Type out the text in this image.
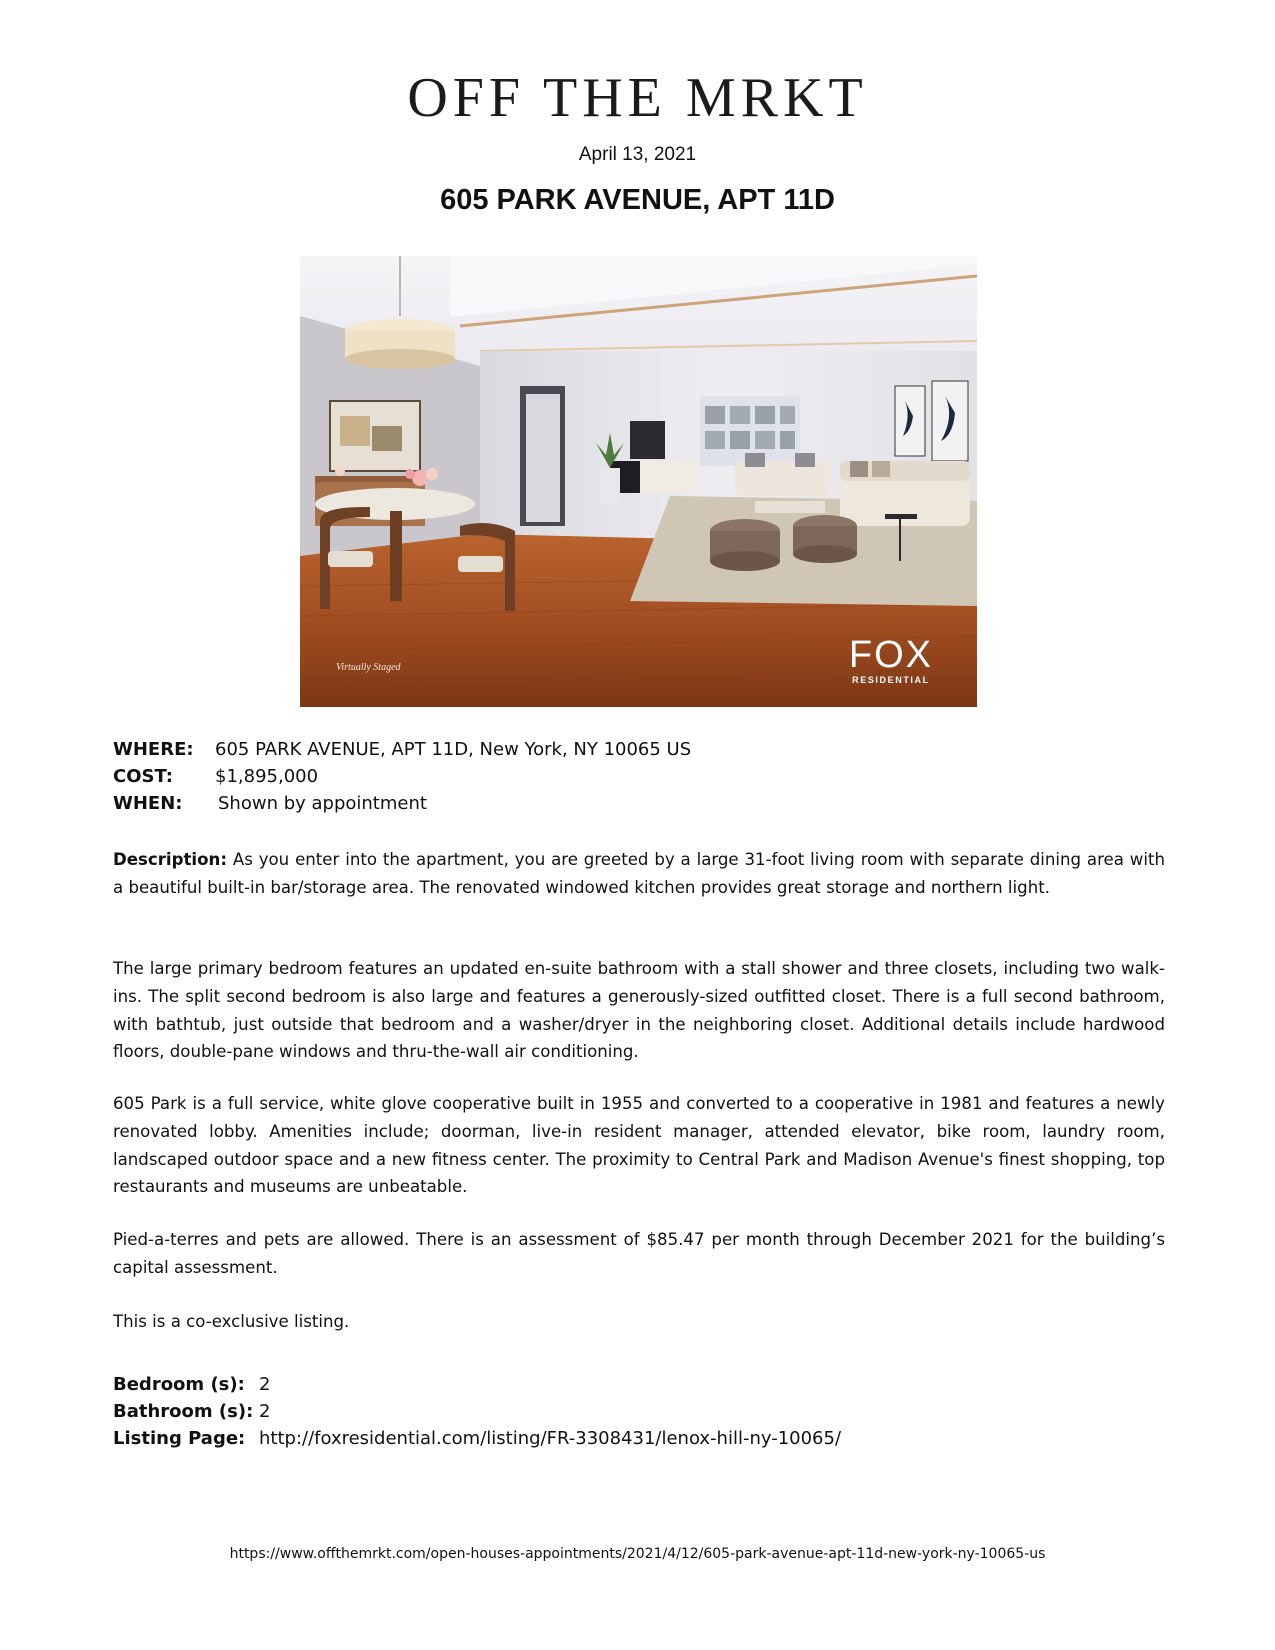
OFF THE MRKT
April 13, 2021
605 PARK AVENUE, APT 11D
Virtually Staged	FOX
RESIDENTIAL
WHERE: 605 PARK AVENUE, APT 11D, New York, NY 10065 US
COST: $1,895,000
WHEN: Shown by appointment

Description: As you enter into the apartment, you are greeted by a large 31-foot living room with separate dining area with a beautiful built-in bar/storage area. The renovated windowed kitchen provides great storage and northern light.

The large primary bedroom features an updated en-suite bathroom with a stall shower and three closets, including two walk-ins. The split second bedroom is also large and features a generously-sized outfitted closet. There is a full second bathroom, with bathtub, just outside that bedroom and a washer/dryer in the neighboring closet. Additional details include hardwood floors, double-pane windows and thru-the-wall air conditioning.

605 Park is a full service, white glove cooperative built in 1955 and converted to a cooperative in 1981 and features a newly renovated lobby. Amenities include; doorman, live-in resident manager, attended elevator, bike room, laundry room, landscaped outdoor space and a new fitness center. The proximity to Central Park and Madison Avenue's finest shopping, top restaurants and museums are unbeatable.

Pied-a-terres and pets are allowed. There is an assessment of $85.47 per month through December 2021 for the building’s capital assessment.

This is a co-exclusive listing.

Bedroom (s): 2
Bathroom (s): 2
Listing Page: http://foxresidential.com/listing/FR-3308431/lenox-hill-ny-10065/
https://www.offthemrkt.com/open-houses-appointments/2021/4/12/605-park-avenue-apt-11d-new-york-ny-10065-us
